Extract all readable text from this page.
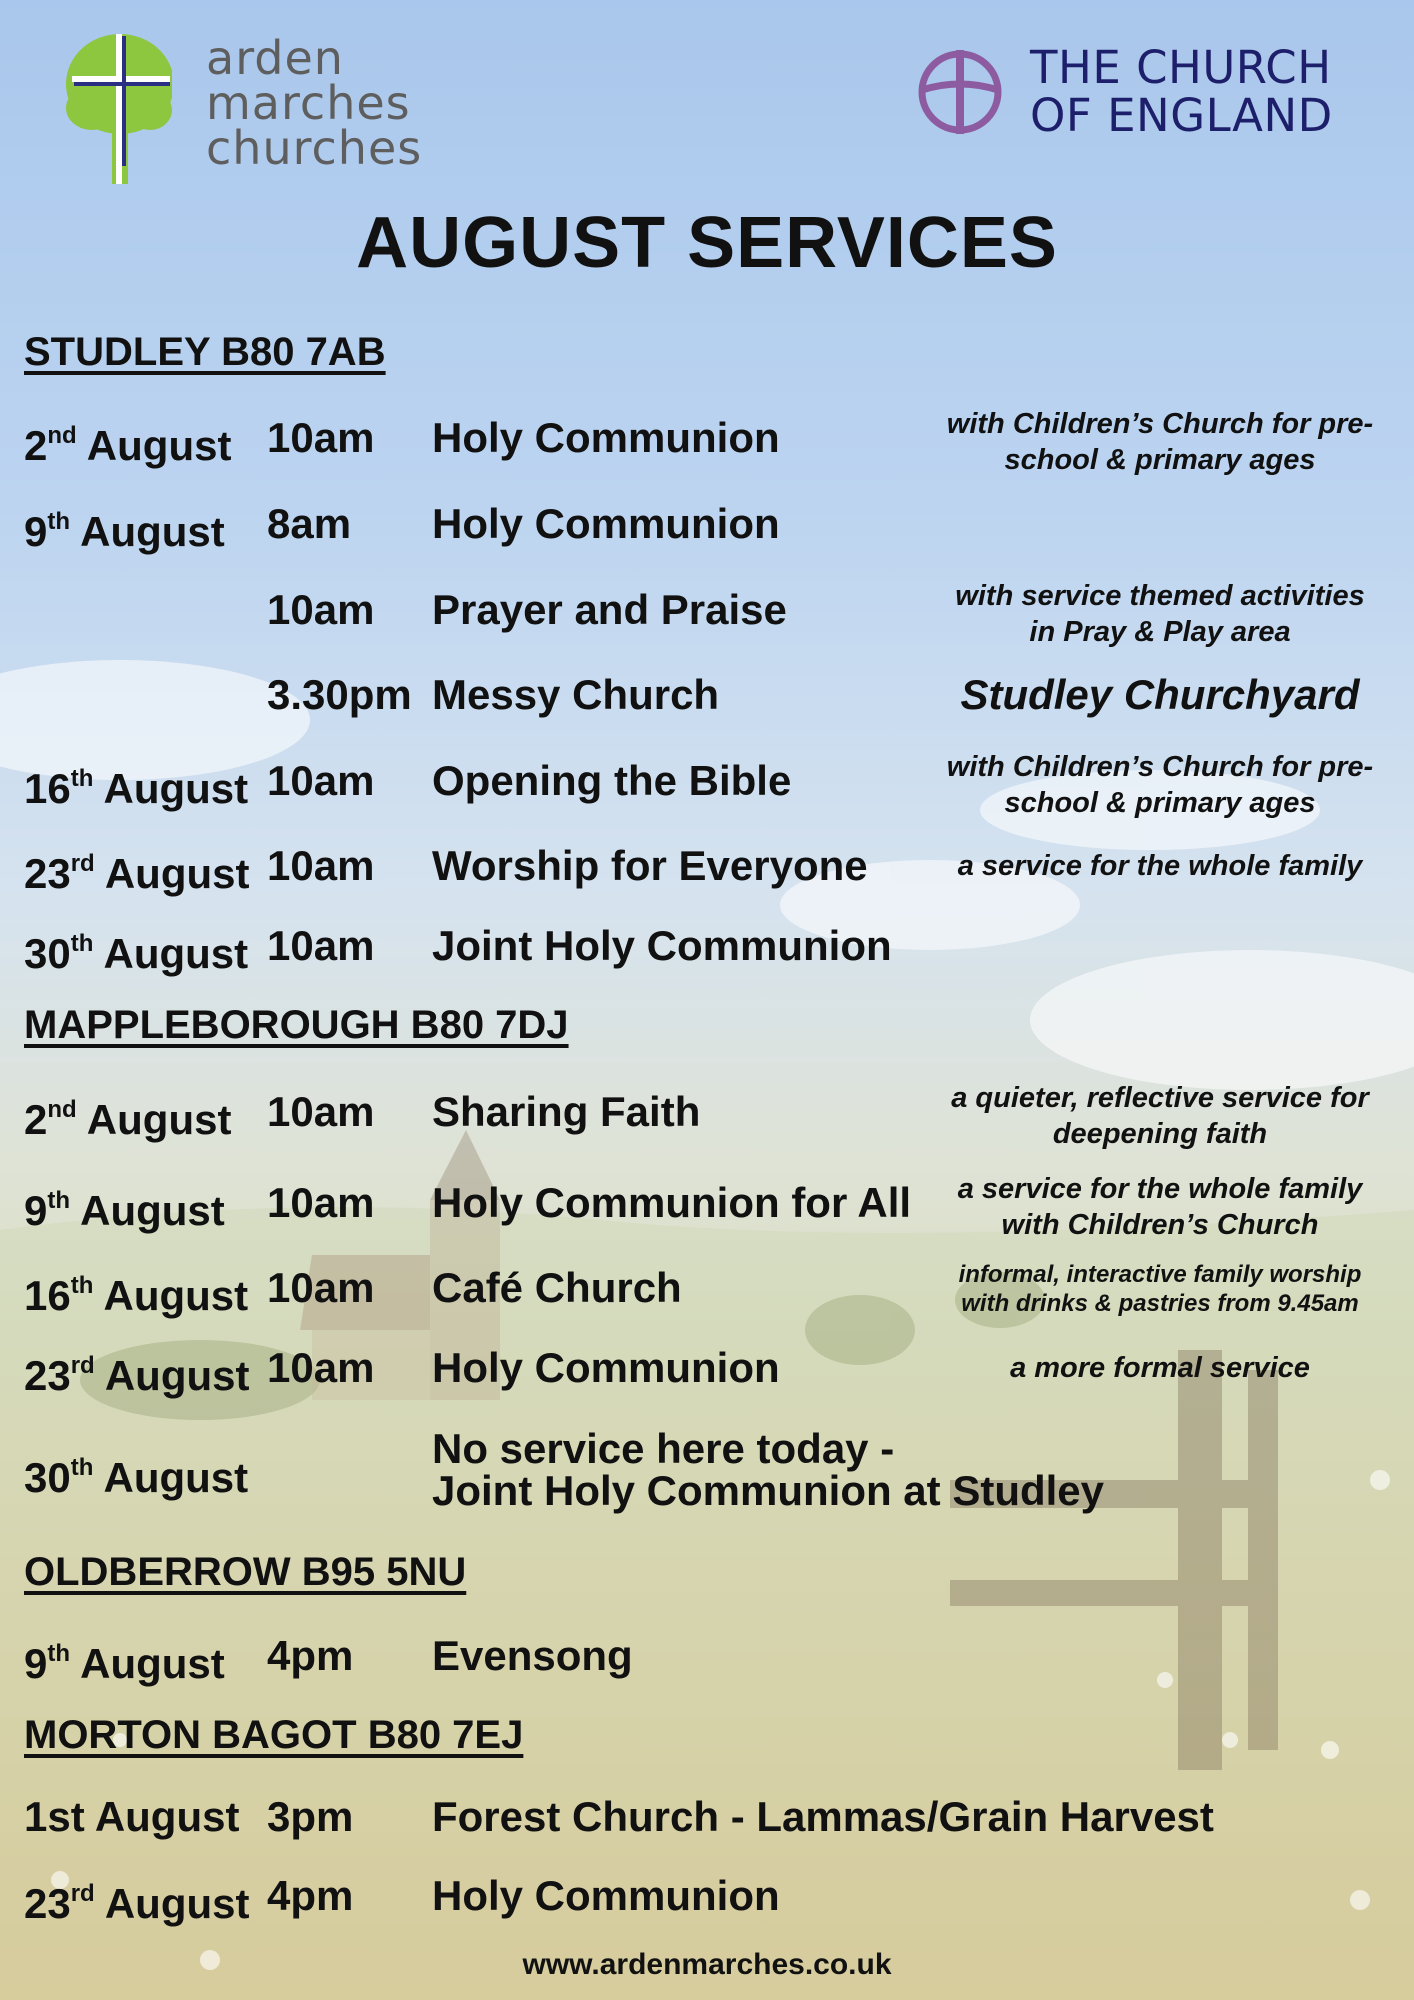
arden
marches
churches
THE CHURCH
OF ENGLAND
AUGUST SERVICES
STUDLEY B80 7AB
2nd August 10am Holy Communion	with Children’s Church for pre-
school & primary ages
9th August 8am Holy Communion
10am Prayer and Praise	with service themed activities
in Pray & Play area
3.30pm Messy Church	Studley Churchyard
16th August 10am Opening the Bible	with Children’s Church for pre-
school & primary ages
23rd August 10am Worship for Everyone	a service for the whole family
30th August 10am Joint Holy Communion
MAPPLEBOROUGH B80 7DJ
2nd August 10am Sharing Faith	a quieter, reflective service for
deepening faith
9th August 10am Holy Communion for All	a service for the whole family
with Children’s Church
16th August 10am Café Church	informal, interactive family worship
with drinks & pastries from 9.45am
23rd August 10am Holy Communion	a more formal service
30th August
No service here today -
Joint Holy Communion at Studley
OLDBERROW B95 5NU
9th August 4pm Evensong
MORTON BAGOT B80 7EJ
1st August 3pm Forest Church - Lammas/Grain Harvest
23rd August 4pm Holy Communion
www.ardenmarches.co.uk
